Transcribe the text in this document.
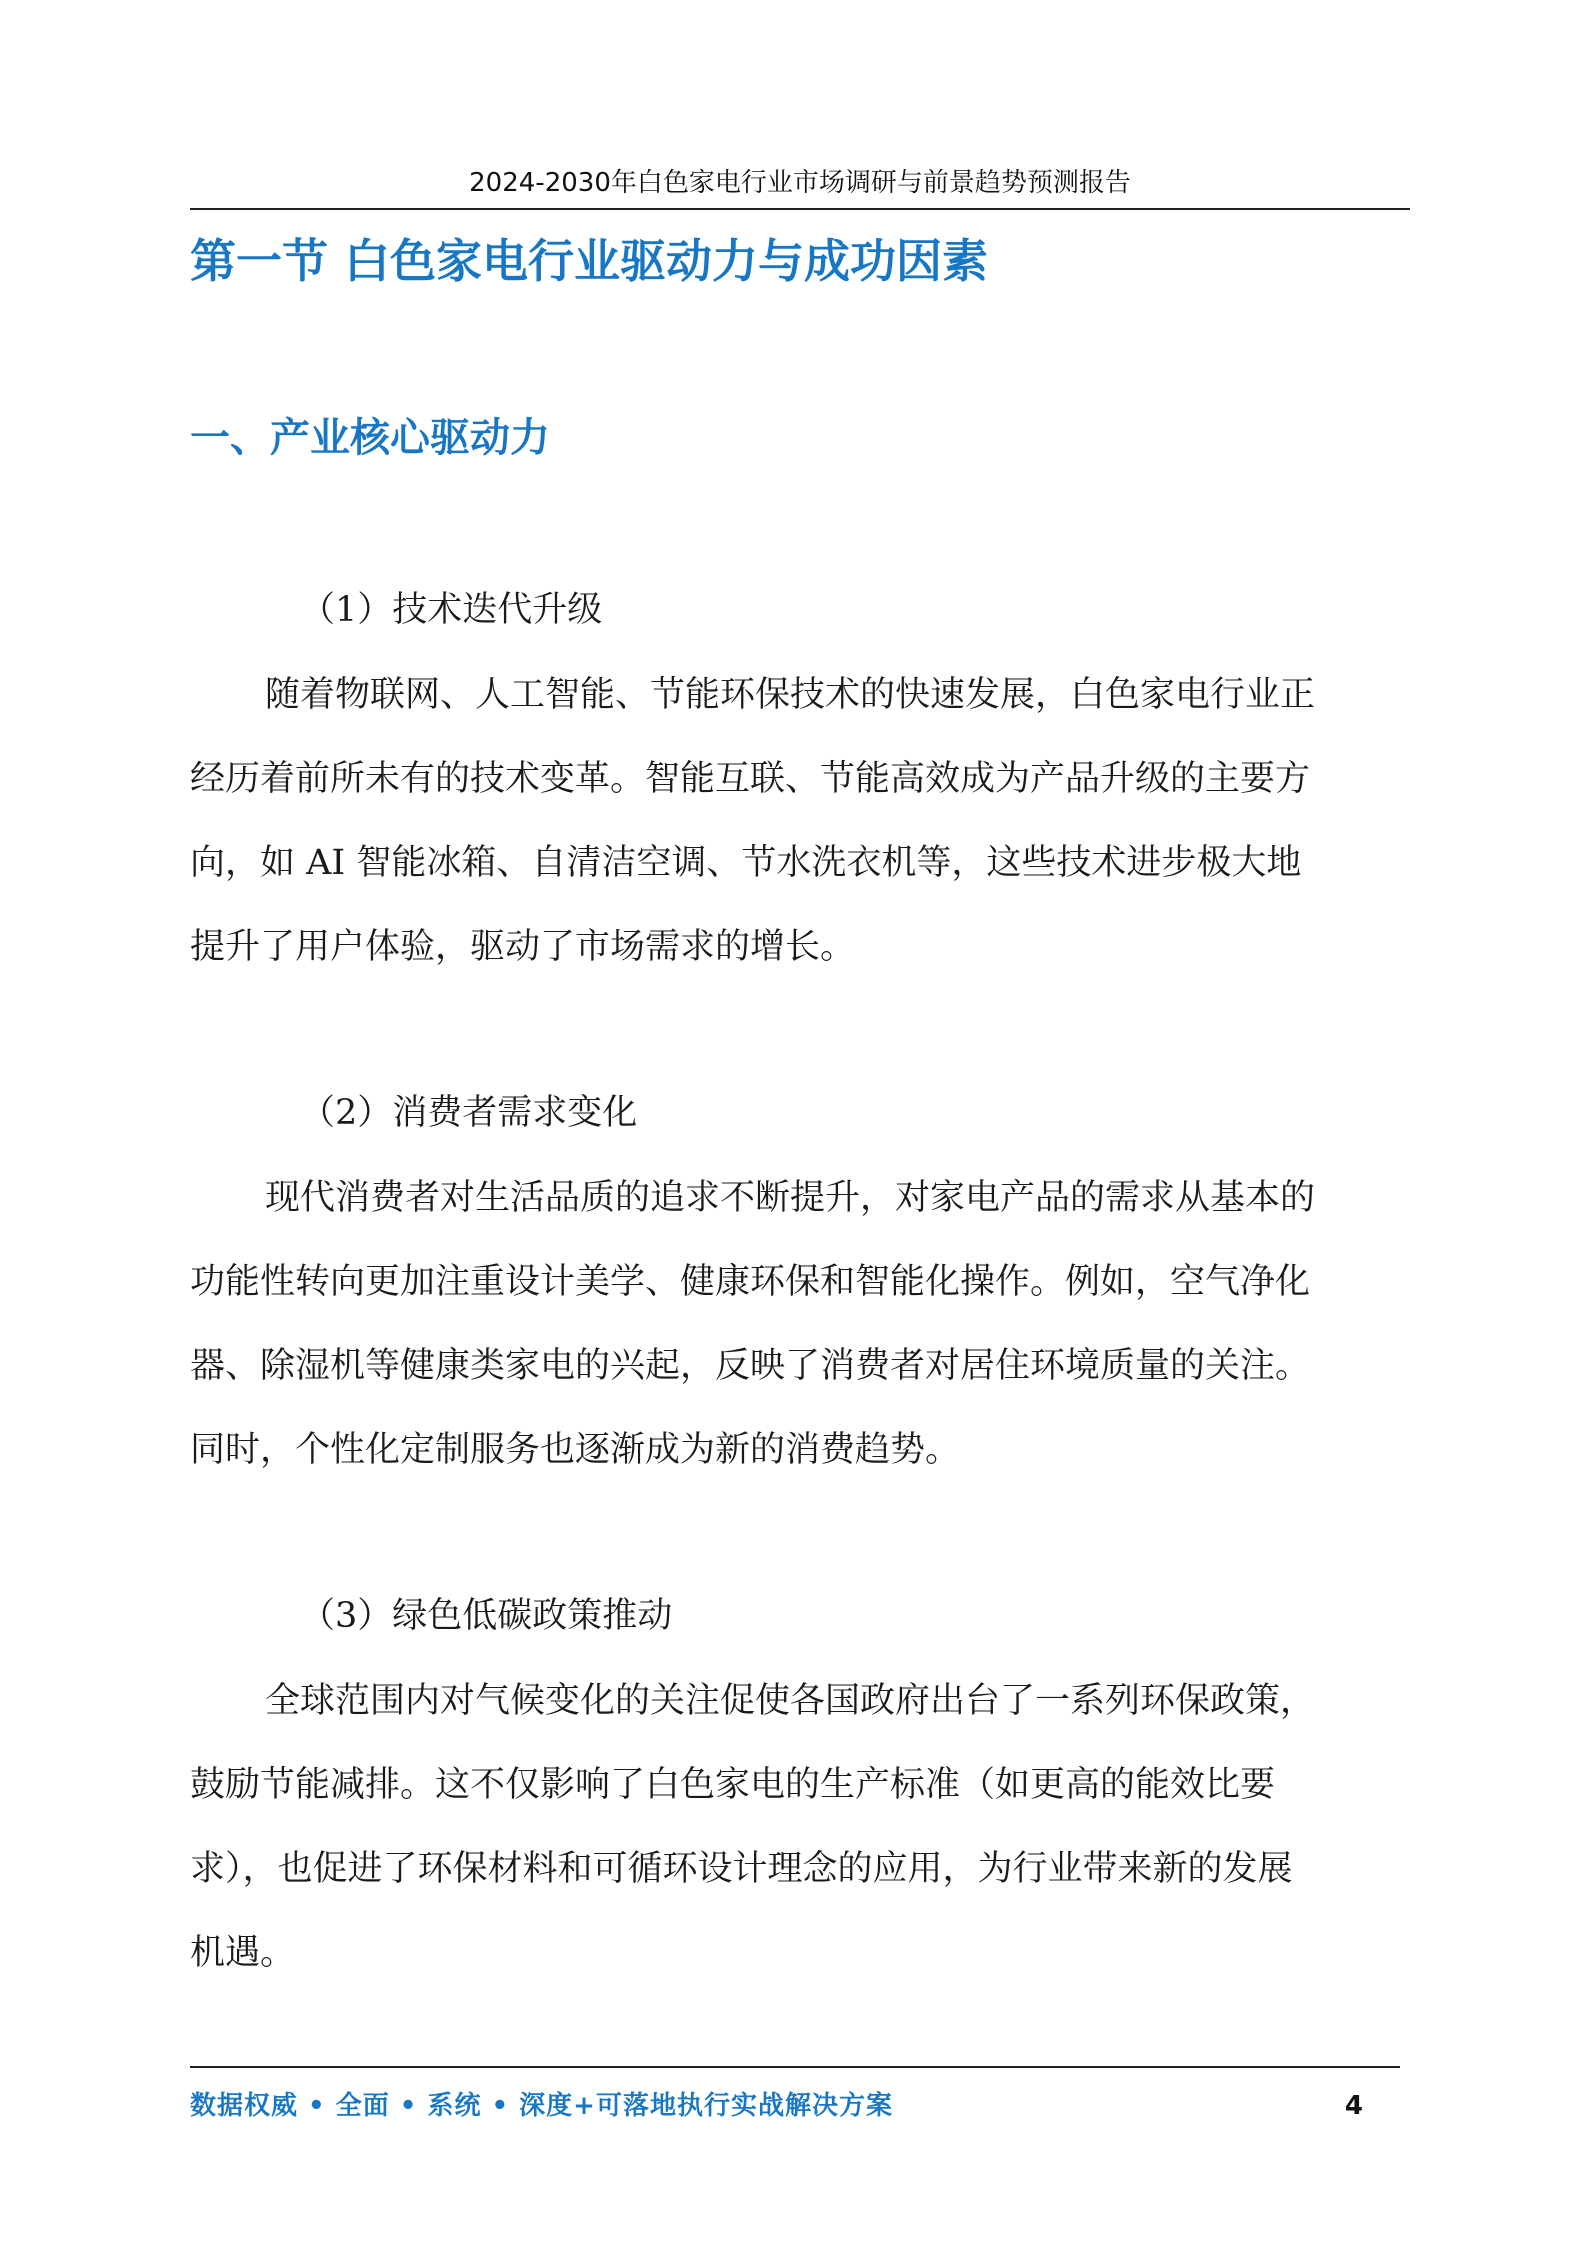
2024-2030年白色家电行业市场调研与前景趋势预测报告
第一节 白色家电行业驱动力与成功因素
一、产业核心驱动力

（1）技术迭代升级

随着物联网、人工智能、节能环保技术的快速发展，白色家电行业正
经历着前所未有的技术变革。智能互联、节能高效成为产品升级的主要方
向，如 AI 智能冰箱、自清洁空调、节水洗衣机等，这些技术进步极大地
提升了用户体验，驱动了市场需求的增长。

（2）消费者需求变化

现代消费者对生活品质的追求不断提升，对家电产品的需求从基本的
功能性转向更加注重设计美学、健康环保和智能化操作。例如，空气净化
器、除湿机等健康类家电的兴起，反映了消费者对居住环境质量的关注。
同时，个性化定制服务也逐渐成为新的消费趋势。

（3）绿色低碳政策推动

全球范围内对气候变化的关注促使各国政府出台了一系列环保政策，
鼓励节能减排。这不仅影响了白色家电的生产标准（如更高的能效比要
求），也促进了环保材料和可循环设计理念的应用，为行业带来新的发展
机遇。

数据权威 • 全面 • 系统 • 深度+可落地执行实战解决方案	4
